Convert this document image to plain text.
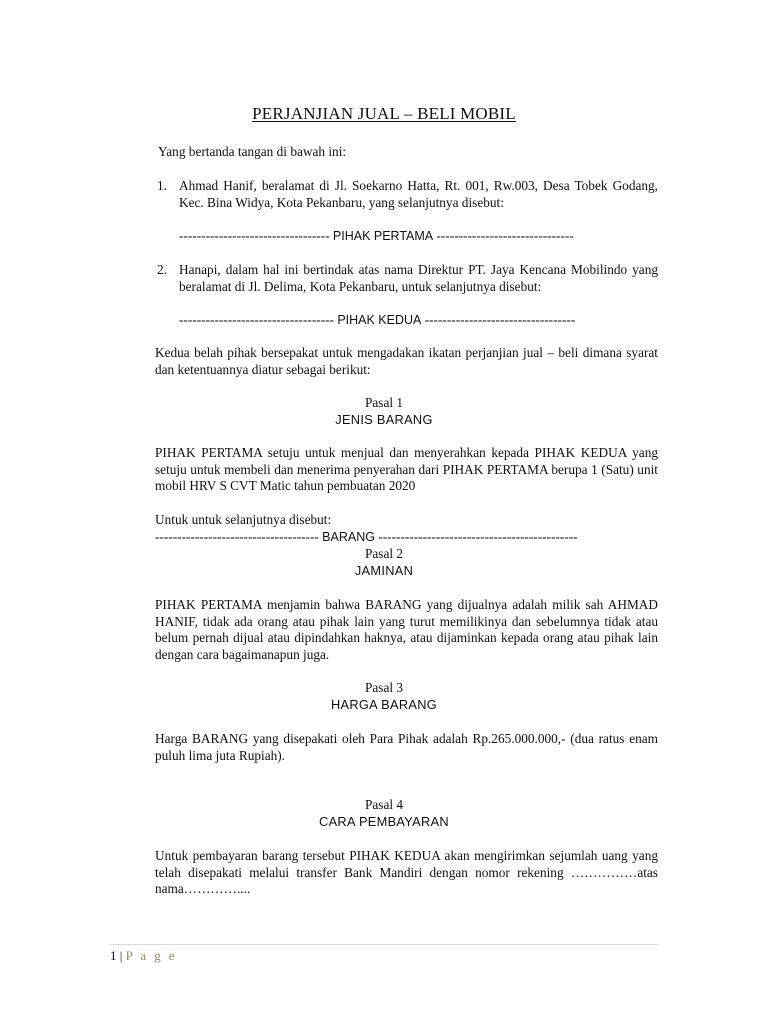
PERJANJIAN JUAL – BELI MOBIL
Yang bertanda tangan di bawah ini:
1. Ahmad Hanif, beralamat di Jl. Soekarno Hatta, Rt. 001, Rw.003, Desa Tobek Godang, Kec. Bina Widya, Kota Pekanbaru, yang selanjutnya disebut:
---------------------------------- PIHAK PERTAMA -------------------------------
2. Hanapi, dalam hal ini bertindak atas nama Direktur PT. Jaya Kencana Mobilindo yang beralamat di Jl. Delima, Kota Pekanbaru, untuk selanjutnya disebut:
----------------------------------- PIHAK KEDUA ----------------------------------
Kedua belah pihak bersepakat untuk mengadakan ikatan perjanjian jual – beli dimana syarat dan ketentuannya diatur sebagai berikut:
Pasal 1
JENIS BARANG
PIHAK PERTAMA setuju untuk menjual dan menyerahkan kepada PIHAK KEDUA yang setuju untuk membeli dan menerima penyerahan dari PIHAK PERTAMA berupa 1 (Satu) unit mobil HRV S CVT Matic tahun pembuatan 2020
Untuk untuk selanjutnya disebut:
------------------------------------- BARANG ---------------------------------------------
Pasal 2
JAMINAN
PIHAK PERTAMA menjamin bahwa BARANG yang dijualnya adalah milik sah AHMAD HANIF, tidak ada orang atau pihak lain yang turut memilikinya dan sebelumnya tidak atau belum pernah dijual atau dipindahkan haknya, atau dijaminkan kepada orang atau pihak lain dengan cara bagaimanapun juga.
Pasal 3
HARGA BARANG
Harga BARANG yang disepakati oleh Para Pihak adalah Rp.265.000.000,- (dua ratus enam puluh lima juta Rupiah).
Pasal 4
CARA PEMBAYARAN
Untuk pembayaran barang tersebut PIHAK KEDUA akan mengirimkan sejumlah uang yang telah disepakati melalui transfer Bank Mandiri dengan nomor rekening ……………atas nama…………....
1 | P a g e
